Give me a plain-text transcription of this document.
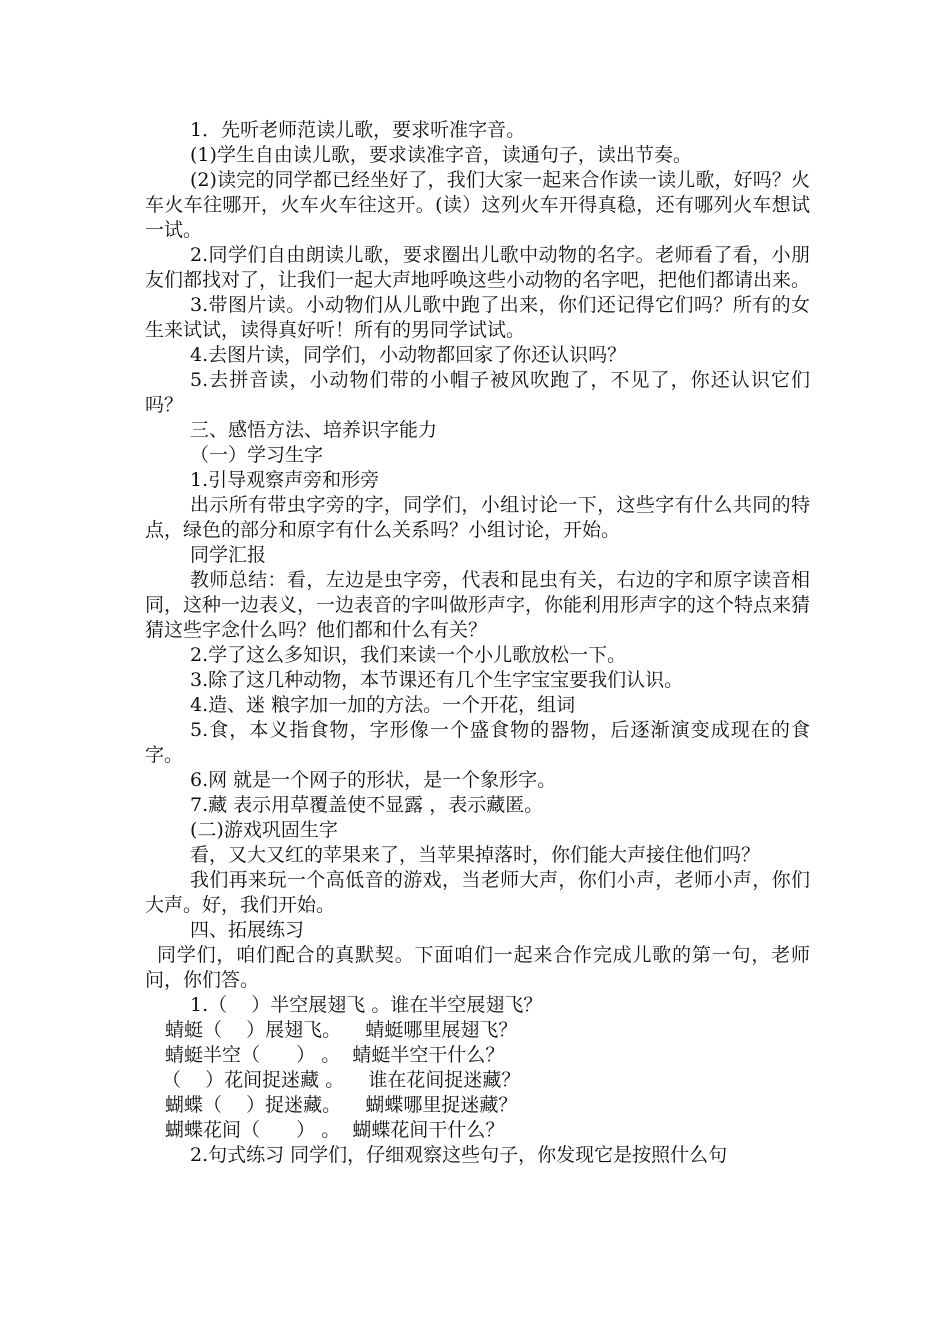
1．先听老师范读儿歌，要求听准字音。

(1)学生自由读儿歌，要求读准字音，读通句子，读出节奏。

(2)读完的同学都已经坐好了，我们大家一起来合作读一读儿歌，好吗？火车火车往哪开，火车火车往这开。(读）这列火车开得真稳，还有哪列火车想试一试。

2.同学们自由朗读儿歌，要求圈出儿歌中动物的名字。老师看了看，小朋友们都找对了，让我们一起大声地呼唤这些小动物的名字吧，把他们都请出来。

3.带图片读。小动物们从儿歌中跑了出来，你们还记得它们吗？所有的女生来试试，读得真好听！所有的男同学试试。

4.去图片读，同学们，小动物都回家了你还认识吗？

5.去拼音读，小动物们带的小帽子被风吹跑了，不见了，你还认识它们吗？

三、感悟方法、培养识字能力

（一）学习生字

1.引导观察声旁和形旁

出示所有带虫字旁的字，同学们，小组讨论一下，这些字有什么共同的特点，绿色的部分和原字有什么关系吗？小组讨论，开始。

同学汇报

教师总结：看，左边是虫字旁，代表和昆虫有关，右边的字和原字读音相同，这种一边表义，一边表音的字叫做形声字，你能利用形声字的这个特点来猜猜这些字念什么吗？他们都和什么有关？

2.学了这么多知识，我们来读一个小儿歌放松一下。

3.除了这几种动物，本节课还有几个生字宝宝要我们认识。

4.造、迷 粮字加一加的方法。一个开花，组词

5.食，本义指食物，字形像一个盛食物的器物，后逐渐演变成现在的食字。

6.网 就是一个网子的形状，是一个象形字。

7.藏 表示用草覆盖使不显露 ，表示藏匿。

(二)游戏巩固生字

看，又大又红的苹果来了，当苹果掉落时，你们能大声接住他们吗？

我们再来玩一个高低音的游戏，当老师大声，你们小声，老师小声，你们大声。好，我们开始。

四、拓展练习

同学们，咱们配合的真默契。下面咱们一起来合作完成儿歌的第一句，老师问，你们答。

1.（    ）半空展翅飞 。谁在半空展翅飞？

蜻蜓（    ）展翅飞。    蜻蜓哪里展翅飞？

蜻蜓半空（      ） 。  蜻蜓半空干什么？

（    ）花间捉迷藏 。    谁在花间捉迷藏？

蝴蝶（    ）捉迷藏。    蝴蝶哪里捉迷藏？

蝴蝶花间（      ） 。  蝴蝶花间干什么？

2.句式练习 同学们，仔细观察这些句子，你发现它是按照什么句
